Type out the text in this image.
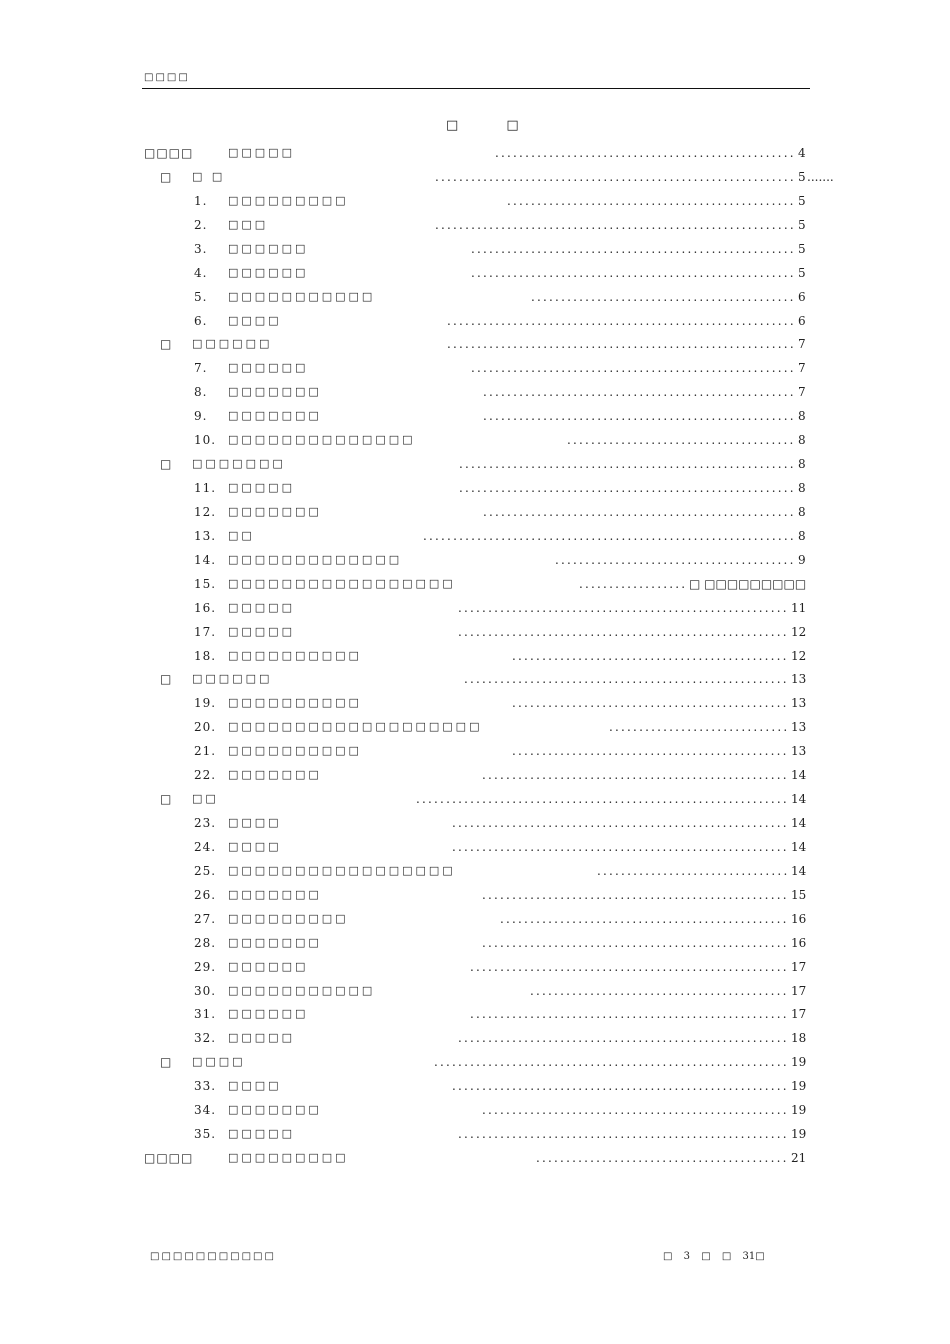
□□□□
□ □
□□□□	□□□□□	.................................................. 4
□ □ □	............................................................ 5 .......
1. □□□□□□□□□	................................................ 5
2. □□□	............................................................ 5
3. □□□□□□	...................................................... 5
4. □□□□□□	...................................................... 5
5. □□□□□□□□□□□	............................................ 6
6. □□□□	.......................................................... 6
□ □□□□□□	.......................................................... 7
7. □□□□□□	...................................................... 7
8. □□□□□□□	.................................................... 7
9. □□□□□□□	.................................................... 8
10. □□□□□□□□□□□□□□	...................................... 8
□ □□□□□□□	........................................................ 8
11. □□□□□	........................................................ 8
12. □□□□□□□	.................................................... 8
13. □□	.............................................................. 8
14. □□□□□□□□□□□□□	........................................ 9
15. □□□□□□□□□□□□□□□□□	.................. □ □□□□□□□□□
16. □□□□□	....................................................... 11
17. □□□□□	....................................................... 12
18. □□□□□□□□□□	.............................................. 12
□ □□□□□□	...................................................... 13
19. □□□□□□□□□□	.............................................. 13
20. □□□□□□□□□□□□□□□□□□□	.............................. 13
21. □□□□□□□□□□	.............................................. 13
22. □□□□□□□	................................................... 14
□ □□	.............................................................. 14
23. □□□□	........................................................ 14
24. □□□□	........................................................ 14
25. □□□□□□□□□□□□□□□□□	................................ 14
26. □□□□□□□	................................................... 15
27. □□□□□□□□□	................................................ 16
28. □□□□□□□	................................................... 16
29. □□□□□□	..................................................... 17
30. □□□□□□□□□□□	........................................... 17
31. □□□□□□	..................................................... 17
32. □□□□□	....................................................... 18
□ □□□□	........................................................... 19
33. □□□□	........................................................ 19
34. □□□□□□□	................................................... 19
35. □□□□□	....................................................... 19
□□□□	□□□□□□□□□	.......................................... 21
□□□□□□□□□□□	□ 3 □ □ 31□
